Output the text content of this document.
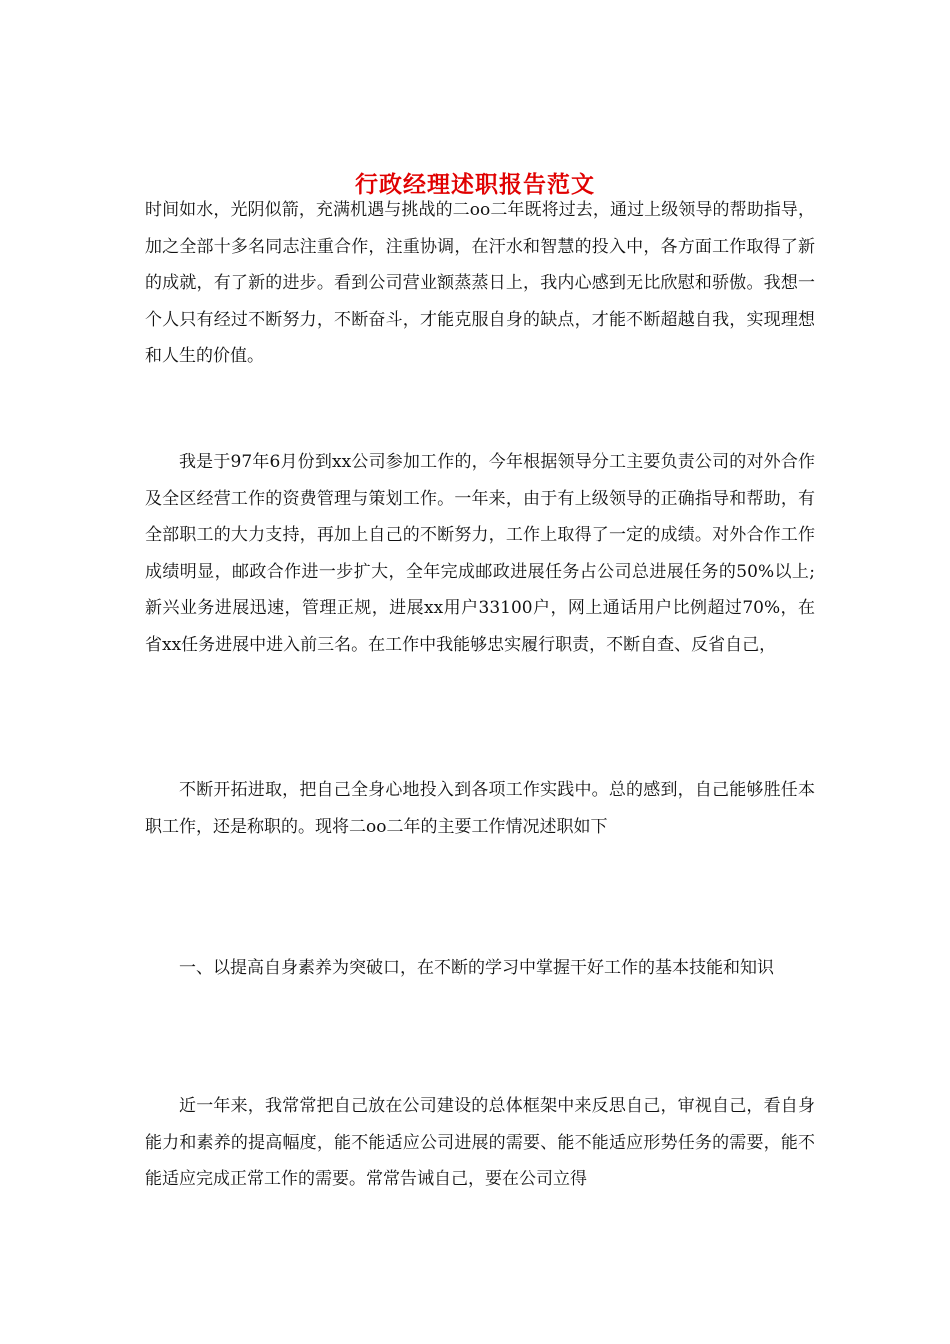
行政经理述职报告范文

时间如水，光阴似箭，充满机遇与挑战的二oo二年既将过去，通过上级领导的帮助指导，加之全部十多名同志注重合作，注重协调，在汗水和智慧的投入中，各方面工作取得了新的成就，有了新的进步。看到公司营业额蒸蒸日上，我内心感到无比欣慰和骄傲。我想一个人只有经过不断努力，不断奋斗，才能克服自身的缺点，才能不断超越自我，实现理想和人生的价值。

我是于97年6月份到xx公司参加工作的，今年根据领导分工主要负责公司的对外合作及全区经营工作的资费管理与策划工作。一年来，由于有上级领导的正确指导和帮助，有全部职工的大力支持，再加上自己的不断努力，工作上取得了一定的成绩。对外合作工作成绩明显，邮政合作进一步扩大，全年完成邮政进展任务占公司总进展任务的50%以上;新兴业务进展迅速，管理正规，进展xx用户33100户，网上通话用户比例超过70%，在省xx任务进展中进入前三名。在工作中我能够忠实履行职责，不断自查、反省自己，

不断开拓进取，把自己全身心地投入到各项工作实践中。总的感到，自己能够胜任本职工作，还是称职的。现将二oo二年的主要工作情况述职如下

一、以提高自身素养为突破口，在不断的学习中掌握干好工作的基本技能和知识

近一年来，我常常把自己放在公司建设的总体框架中来反思自己，审视自己，看自身能力和素养的提高幅度，能不能适应公司进展的需要、能不能适应形势任务的需要，能不能适应完成正常工作的需要。常常告诫自己，要在公司立得
